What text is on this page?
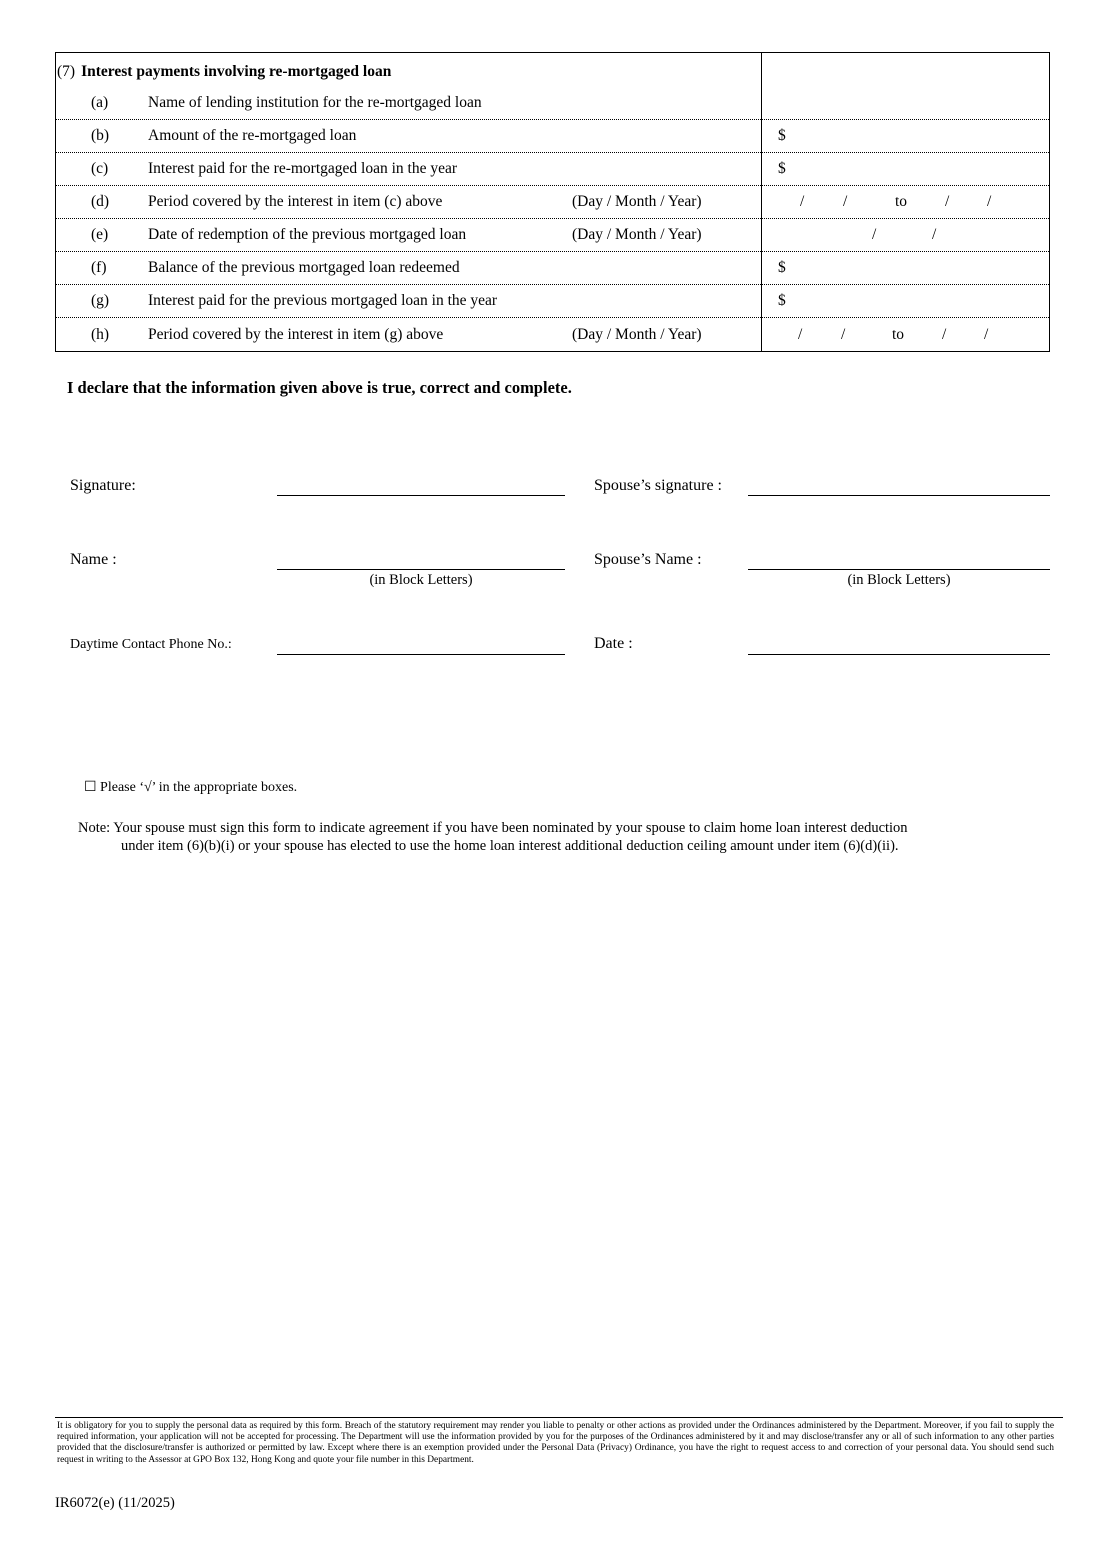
(7) Interest payments involving re-mortgaged loan
(a)	Name of lending institution for the re-mortgaged loan
(b)	Amount of the re-mortgaged loan	$
(c)	Interest paid for the re-mortgaged loan in the year	$
(d)	Period covered by the interest in item (c) above	(Day / Month / Year)	/ /	to / /
(e)	Date of redemption of the previous mortgaged loan	(Day / Month / Year)	/	/
(f)	Balance of the previous mortgaged loan redeemed	$
(g)	Interest paid for the previous mortgaged loan in the year	$
(h)	Period covered by the interest in item (g) above	(Day / Month / Year)	/ /	to / /
I declare that the information given above is true, correct and complete.
Signature:	Spouse’s signature :
Name :
(in Block Letters)
Spouse’s Name :
(in Block Letters)
Daytime Contact Phone No.:	Date :
☐ Please ‘√’ in the appropriate boxes.
Note: Your spouse must sign this form to indicate agreement if you have been nominated by your spouse to claim home loan interest deduction
under item (6)(b)(i) or your spouse has elected to use the home loan interest additional deduction ceiling amount under item (6)(d)(ii).
It is obligatory for you to supply the personal data as required by this form. Breach of the statutory requirement may render you liable to penalty or other actions as provided under the Ordinances administered by the Department. Moreover, if you fail to supply the required information, your application will not be accepted for processing. The Department will use the information provided by you for the purposes of the Ordinances administered by it and may disclose/transfer any or all of such information to any other parties provided that the disclosure/transfer is authorized or permitted by law. Except where there is an exemption provided under the Personal Data (Privacy) Ordinance, you have the right to request access to and correction of your personal data. You should send such request in writing to the Assessor at GPO Box 132, Hong Kong and quote your file number in this Department.
IR6072(e) (11/2025)
